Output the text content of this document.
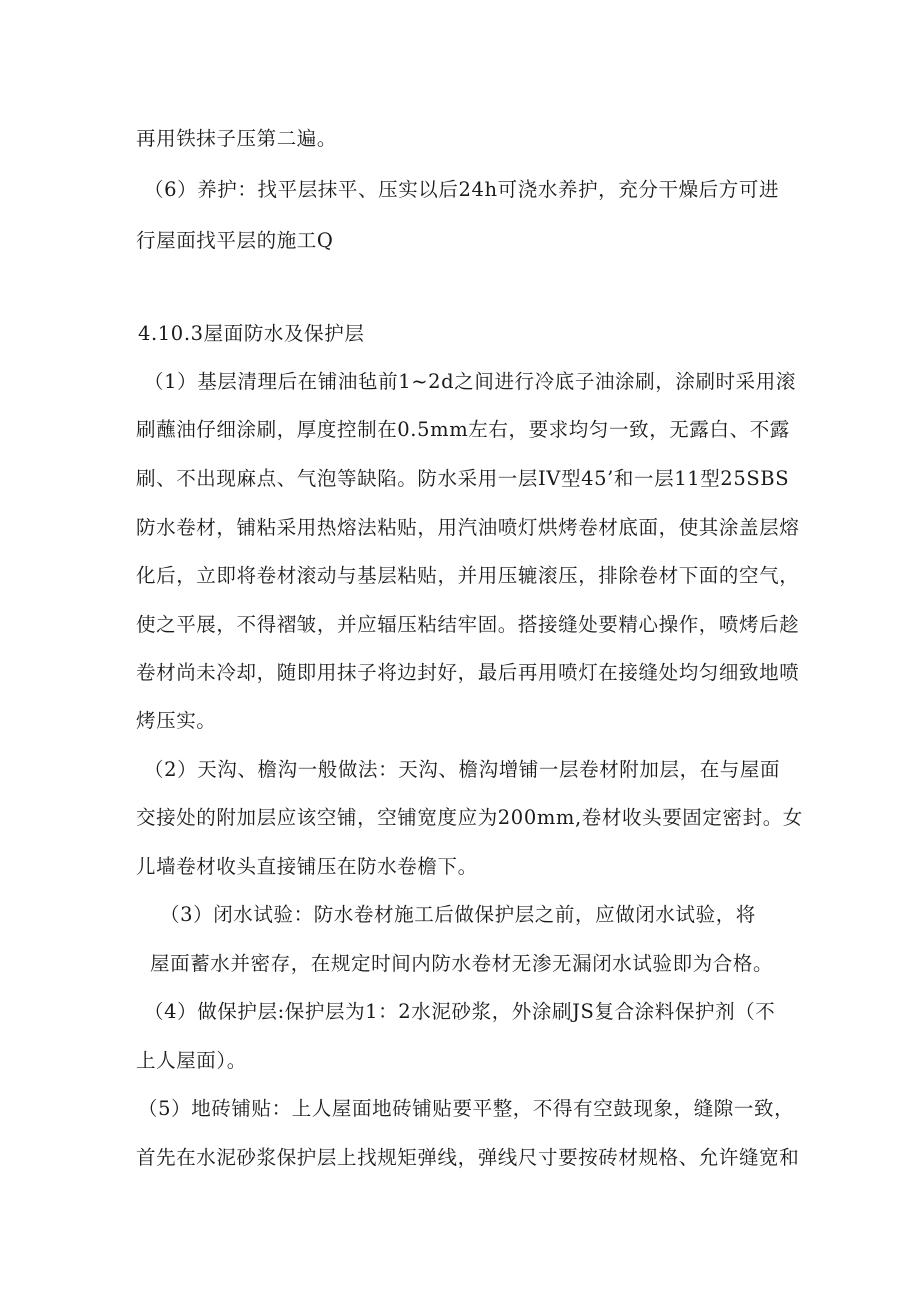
再用铁抹子压第二遍。
（6）养护：找平层抹平、压实以后24h可浇水养护，充分干燥后方可进
行屋面找平层的施工Q
4.10.3屋面防水及保护层
（1）基层清理后在铺油毡前1~2d之间进行冷底子油涂刷，涂刷时采用滚
刷蘸油仔细涂刷，厚度控制在0.5mm左右，要求均匀一致，无露白、不露
刷、不出现麻点、气泡等缺陷。防水采用一层IV型45’和一层11型25SBS
防水卷材，铺粘采用热熔法粘贴，用汽油喷灯烘烤卷材底面，使其涂盖层熔
化后，立即将卷材滚动与基层粘贴，并用压辘滚压，排除卷材下面的空气，
使之平展，不得褶皱，并应辐压粘结牢固。搭接缝处要精心操作，喷烤后趁
卷材尚未冷却，随即用抹子将边封好，最后再用喷灯在接缝处均匀细致地喷
烤压实。
（2）天沟、檐沟一般做法：天沟、檐沟增铺一层卷材附加层，在与屋面
交接处的附加层应该空铺，空铺宽度应为200mm,卷材收头要固定密封。女
儿墙卷材收头直接铺压在防水卷檐下。
（3）闭水试验：防水卷材施工后做保护层之前，应做闭水试验，将
屋面蓄水并密存，在规定时间内防水卷材无渗无漏闭水试验即为合格。
（4）做保护层:保护层为1：2水泥砂浆，外涂刷JS复合涂料保护剂（不
上人屋面）。
（5）地砖铺贴：上人屋面地砖铺贴要平整，不得有空鼓现象，缝隙一致，
首先在水泥砂浆保护层上找规矩弹线，弹线尺寸要按砖材规格、允许缝宽和
